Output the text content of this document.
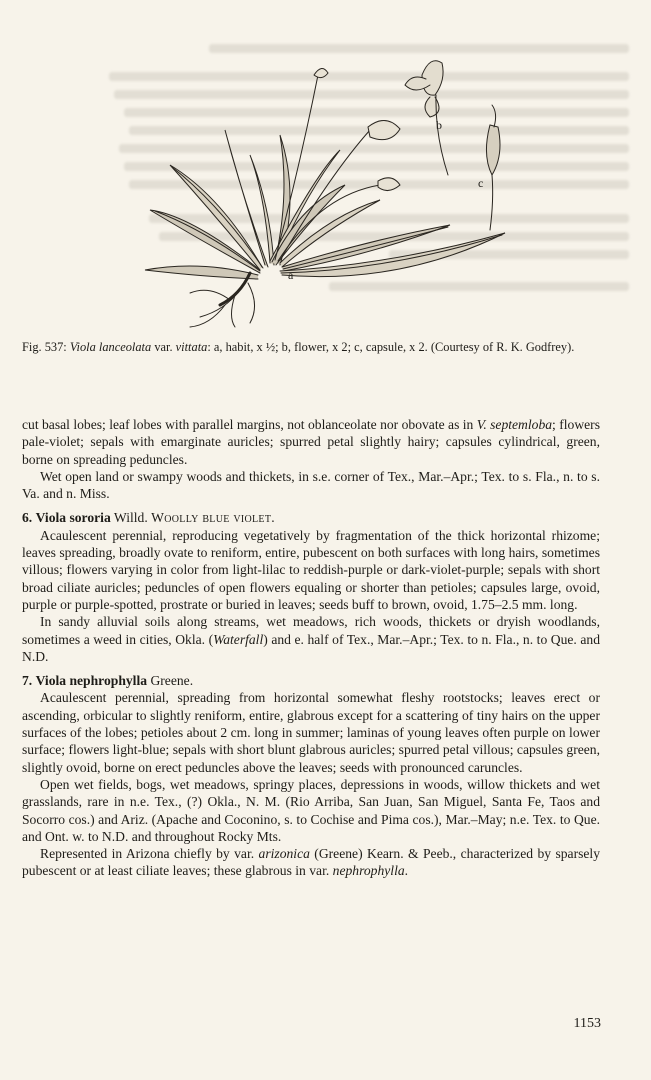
a
b
c
Fig. 537: Viola lanceolata var. vittata: a, habit, x ½; b, flower, x 2; c, capsule, x 2. (Courtesy of R. K. Godfrey).

cut basal lobes; leaf lobes with parallel margins, not oblanceolate nor obovate as in V. septemloba; flowers pale-violet; sepals with emarginate auricles; spurred petal slightly hairy; capsules cylindrical, green, borne on spreading peduncles.

Wet open land or swampy woods and thickets, in s.e. corner of Tex., Mar.–Apr.; Tex. to s. Fla., n. to s. Va. and n. Miss.

6. Viola sororia Willd. Woolly blue violet.

Acaulescent perennial, reproducing vegetatively by fragmentation of the thick horizontal rhizome; leaves spreading, broadly ovate to reniform, entire, pubescent on both surfaces with long hairs, sometimes villous; flowers varying in color from light-lilac to reddish-purple or dark-violet-purple; sepals with short broad ciliate auricles; peduncles of open flowers equaling or shorter than petioles; capsules large, ovoid, purple or purple-spotted, prostrate or buried in leaves; seeds buff to brown, ovoid, 1.75–2.5 mm. long.

In sandy alluvial soils along streams, wet meadows, rich woods, thickets or dryish woodlands, sometimes a weed in cities, Okla. (Waterfall) and e. half of Tex., Mar.–Apr.; Tex. to n. Fla., n. to Que. and N.D.

7. Viola nephrophylla Greene.

Acaulescent perennial, spreading from horizontal somewhat fleshy rootstocks; leaves erect or ascending, orbicular to slightly reniform, entire, glabrous except for a scattering of tiny hairs on the upper surfaces of the lobes; petioles about 2 cm. long in summer; laminas of young leaves often purple on lower surface; flowers light-blue; sepals with short blunt glabrous auricles; spurred petal villous; capsules green, slightly ovoid, borne on erect peduncles above the leaves; seeds with pronounced caruncles.

Open wet fields, bogs, wet meadows, springy places, depressions in woods, willow thickets and wet grasslands, rare in n.e. Tex., (?) Okla., N. M. (Rio Arriba, San Juan, San Miguel, Santa Fe, Taos and Socorro cos.) and Ariz. (Apache and Coconino, s. to Cochise and Pima cos.), Mar.–May; n.e. Tex. to Que. and Ont. w. to N.D. and throughout Rocky Mts.

Represented in Arizona chiefly by var. arizonica (Greene) Kearn. & Peeb., characterized by sparsely pubescent or at least ciliate leaves; these glabrous in var. nephrophylla.

1153
